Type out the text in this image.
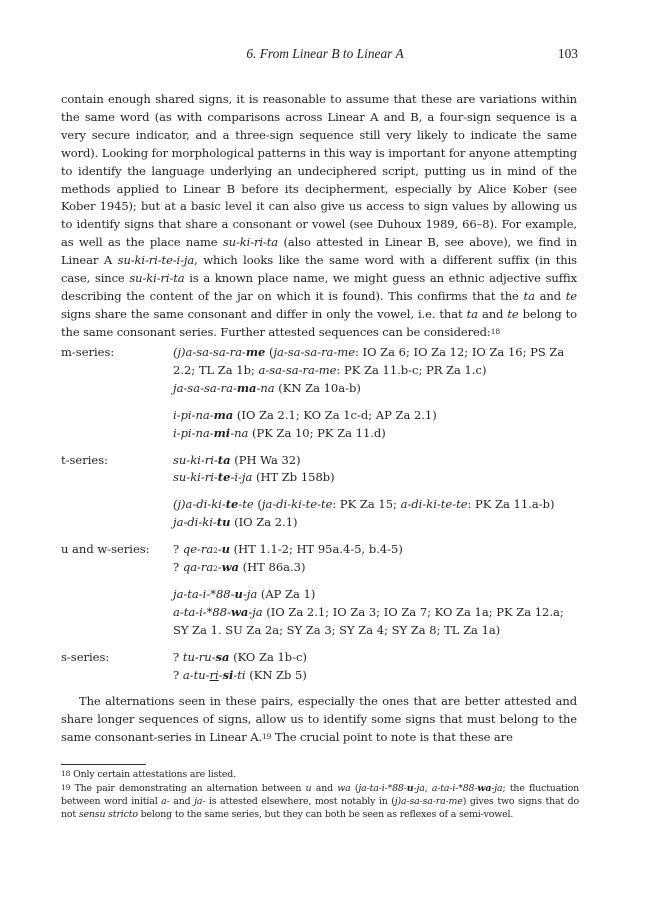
6. From Linear B to Linear A	103

contain enough shared signs, it is reasonable to assume that these are variations within the same word (as with comparisons across Linear A and B, a four-sign sequence is a very secure indicator, and a three-sign sequence still very likely to indicate the same word). Looking for morphological patterns in this way is important for anyone attempting to identify the language underlying an undeciphered script, putting us in mind of the methods applied to Linear B before its decipherment, especially by Alice Kober (see Kober 1945); but at a basic level it can also give us access to sign values by allowing us to identify signs that share a consonant or vowel (see Duhoux 1989, 66–8). For example, as well as the place name su-ki-ri-ta (also attested in Linear B, see above), we find in Linear A su-ki-ri-te-i-ja, which looks like the same word with a different suffix (in this case, since su-ki-ri-ta is a known place name, we might guess an ethnic adjective suffix describing the content of the jar on which it is found). This confirms that the ta and te signs share the same consonant and differ in only the vowel, i.e. that ta and te belong to the same consonant series. Further attested sequences can be considered:$^{18}$

m-series:	(j)a-sa-sa-ra-me (ja-sa-sa-ra-me: IO Za 6; IO Za 12; IO Za 16; PS Za 2.2; TL Za 1b; a-sa-sa-ra-me: PK Za 11.b-c; PR Za 1.c)
ja-sa-sa-ra-ma-na (KN Za 10a-b)

	i-pi-na-ma (IO Za 2.1; KO Za 1c-d; AP Za 2.1)
i-pi-na-mi-na (PK Za 10; PK Za 11.d)

t-series:	su-ki-ri-ta (PH Wa 32)
su-ki-ri-te-i-ja (HT Zb 158b)

	(j)a-di-ki-te-te (ja-di-ki-te-te: PK Za 15; a-di-ki-te-te: PK Za 11.a-b)
ja-di-ki-tu (IO Za 2.1)

u and w-series:	? qe-ra2-u (HT 1.1-2; HT 95a.4-5, b.4-5)
? qa-ra2-wa (HT 86a.3)

	ja-ta-i-*88-u-ja (AP Za 1)
a-ta-i-*88-wa-ja (IO Za 2.1; IO Za 3; IO Za 7; KO Za 1a; PK Za 12.a; SY Za 1. SU Za 2a; SY Za 3; SY Za 4; SY Za 8; TL Za 1a)

s-series:	? tu-ru-sa (KO Za 1b-c)
? a-tu-ri-si-ti (KN Zb 5)

The alternations seen in these pairs, especially the ones that are better attested and share longer sequences of signs, allow us to identify some signs that must belong to the same consonant-series in Linear A.$^{19}$ The crucial point to note is that these are

$^{18}$ Only certain attestations are listed.

$^{19}$ The pair demonstrating an alternation between u and wa (ja-ta-i-*88-u-ja, a-ta-i-*88-wa-ja; the fluctuation between word initial a- and ja- is attested elsewhere, most notably in (j)a-sa-sa-ra-me) gives two signs that do not sensu stricto belong to the same series, but they can both be seen as reflexes of a semi-vowel.
